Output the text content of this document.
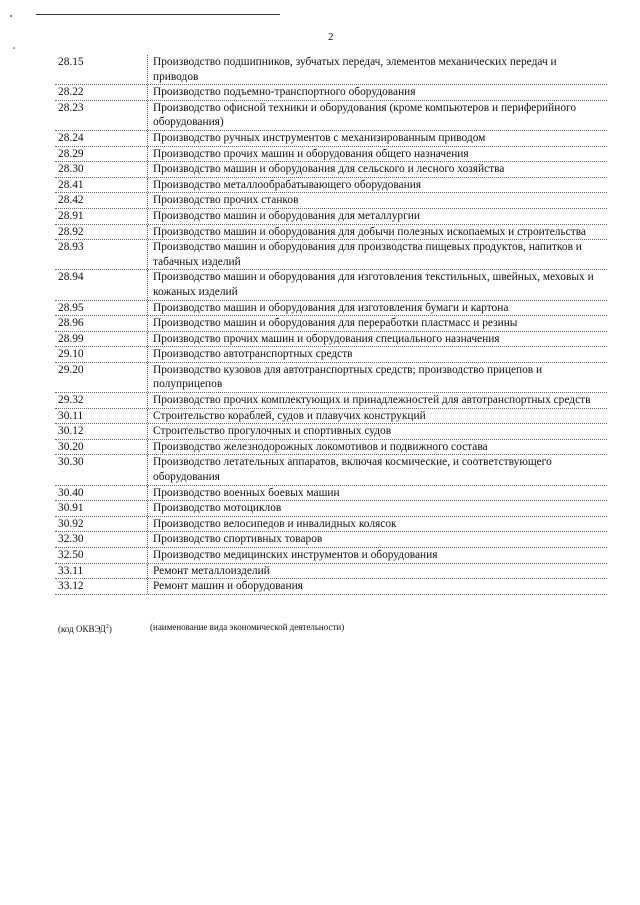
2
28.15	Производство подшипников, зубчатых передач, элементов механических передач и приводов
28.22	Производство подъемно-транспортного оборудования
28.23	Производство офисной техники и оборудования (кроме компьютеров и периферийного оборудования)
28.24	Производство ручных инструментов с механизированным приводом
28.29	Производство прочих машин и оборудования общего назначения
28.30	Производство машин и оборудования для сельского и лесного хозяйства
28.41	Производство металлообрабатывающего оборудования
28.42	Производство прочих станков
28.91	Производство машин и оборудования для металлургии
28.92	Производство машин и оборудования для добычи полезных ископаемых и строительства
28.93	Производство машин и оборудования для производства пищевых продуктов, напитков и табачных изделий
28.94	Производство машин и оборудования для изготовления текстильных, швейных, меховых и кожаных изделий
28.95	Производство машин и оборудования для изготовления бумаги и картона
28.96	Производство машин и оборудования для переработки пластмасс и резины
28.99	Производство прочих машин и оборудования специального назначения
29.10	Производство автотранспортных средств
29.20	Производство кузовов для автотранспортных средств; производство прицепов и полуприцепов
29.32	Производство прочих комплектующих и принадлежностей для автотранспортных средств
30.11	Строительство кораблей, судов и плавучих конструкций
30.12	Строительство прогулочных и спортивных судов
30.20	Производство железнодорожных локомотивов и подвижного состава
30.30	Производство летательных аппаратов, включая космические, и соответствующего оборудования
30.40	Производство военных боевых машин
30.91	Производство мотоциклов
30.92	Производство велосипедов и инвалидных колясок
32.30	Производство спортивных товаров
32.50	Производство медицинских инструментов и оборудования
33.11	Ремонт металлоизделий
33.12	Ремонт машин и оборудования
(код ОКВЭД$^2$)	(наименование вида экономической деятельности)
